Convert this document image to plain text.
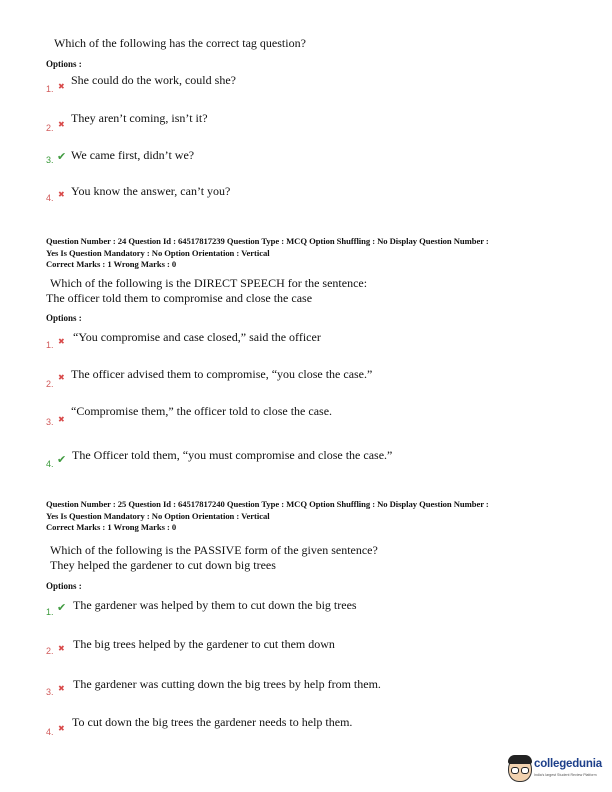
Which of the following has the correct tag question?
Options :
1. ✖ She could do the work, could she?
2. ✖ They aren’t coming, isn’t it?
3. ✔ We came first, didn’t we?
4. ✖ You know the answer, can’t you?
Question Number : 24 Question Id : 64517817239 Question Type : MCQ Option Shuffling : No Display Question Number :
Yes Is Question Mandatory : No Option Orientation : Vertical
Correct Marks : 1 Wrong Marks : 0
Which of the following is the DIRECT SPEECH for the sentence:
The officer told them to compromise and close the case
Options :
1. ✖ “You compromise and case closed,” said the officer
2.
✖ The officer advised them to compromise, “you close the case.”
3. ✖
“Compromise them,” the officer told to close the case.
4. ✔ The Officer told them, “you must compromise and close the case.”
Question Number : 25 Question Id : 64517817240 Question Type : MCQ Option Shuffling : No Display Question Number :
Yes Is Question Mandatory : No Option Orientation : Vertical
Correct Marks : 1 Wrong Marks : 0
Which of the following is the PASSIVE form of the given sentence?
They helped the gardener to cut down big trees
Options :
1. ✔ The gardener was helped by them to cut down the big trees
2. ✖ The big trees helped by the gardener to cut them down
3. ✖ The gardener was cutting down the big trees by help from them.
4. ✖ To cut down the big trees the gardener needs to help them.
collegedunia
India's largest Student Review Platform
